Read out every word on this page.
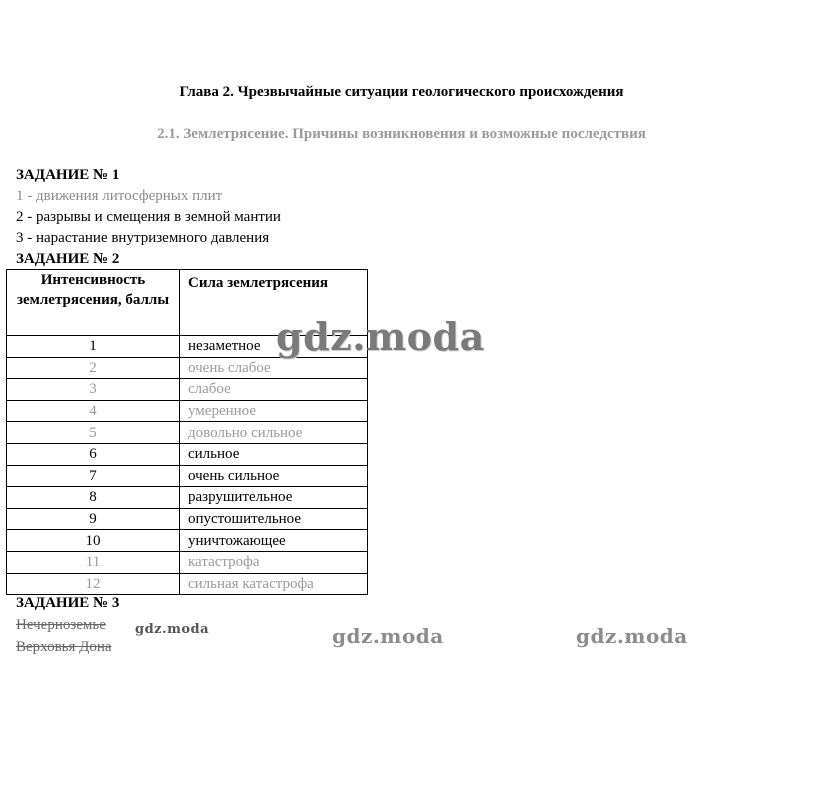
Глава 2. Чрезвычайные ситуации геологического происхождения
2.1. Землетрясение. Причины возникновения и возможные последствия
ЗАДАНИЕ № 1
1 - движения литосферных плит
2 - разрывы и смещения в земной мантии
3 - нарастание внутриземного давления
ЗАДАНИЕ № 2
Интенсивность землетрясения, баллы	Сила землетрясения
1	незаметное
2	очень слабое
3	слабое
4	умеренное
5	довольно сильное
6	сильное
7	очень сильное
8	разрушительное
9	опустошительное
10	уничтожающее
11	катастрофа
12	сильная катастрофа
ЗАДАНИЕ № 3
Нечерноземье
Верховья Дона
gdz.moda
gdz.moda	gdz.moda	gdz.moda
